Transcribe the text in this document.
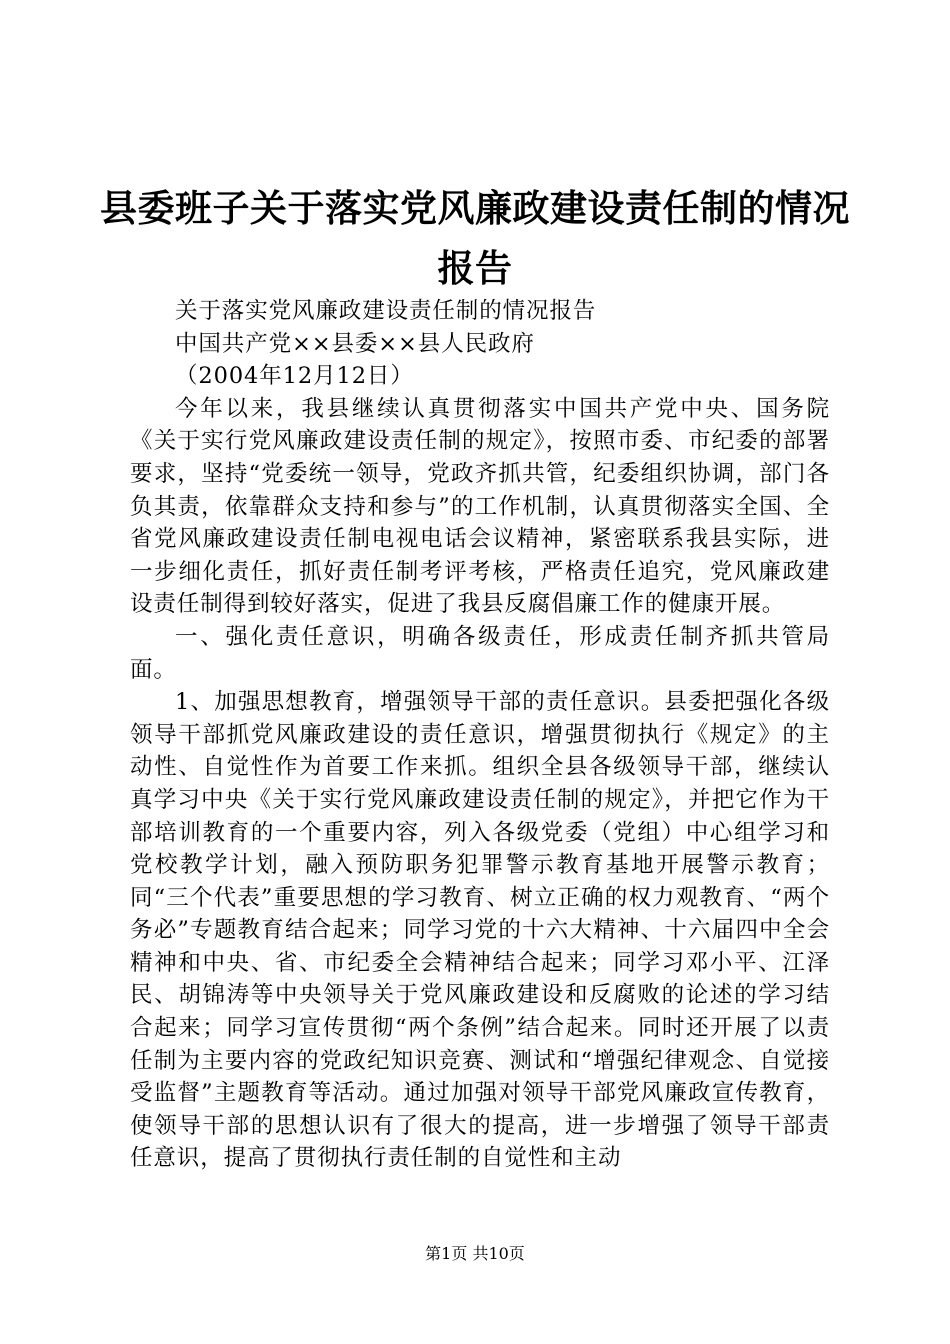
县委班子关于落实党风廉政建设责任制的情况
报告

关于落实党风廉政建设责任制的情况报告

中国共产党××县委××县人民政府

（2004年12月12日）

今年以来，我县继续认真贯彻落实中国共产党中央、国务院《关于实行党风廉政建设责任制的规定》，按照市委、市纪委的部署要求，坚持“党委统一领导，党政齐抓共管，纪委组织协调，部门各负其责，依靠群众支持和参与”的工作机制，认真贯彻落实全国、全省党风廉政建设责任制电视电话会议精神，紧密联系我县实际，进一步细化责任，抓好责任制考评考核，严格责任追究，党风廉政建设责任制得到较好落实，促进了我县反腐倡廉工作的健康开展。

一、强化责任意识，明确各级责任，形成责任制齐抓共管局面。

1、加强思想教育，增强领导干部的责任意识。县委把强化各级领导干部抓党风廉政建设的责任意识，增强贯彻执行《规定》的主动性、自觉性作为首要工作来抓。组织全县各级领导干部，继续认真学习中央《关于实行党风廉政建设责任制的规定》，并把它作为干部培训教育的一个重要内容，列入各级党委（党组）中心组学习和党校教学计划，融入预防职务犯罪警示教育基地开展警示教育；同“三个代表”重要思想的学习教育、树立正确的权力观教育、“两个务必”专题教育结合起来；同学习党的十六大精神、十六届四中全会精神和中央、省、市纪委全会精神结合起来；同学习邓小平、江泽民、胡锦涛等中央领导关于党风廉政建设和反腐败的论述的学习结合起来；同学习宣传贯彻“两个条例”结合起来。同时还开展了以责任制为主要内容的党政纪知识竞赛、测试和“增强纪律观念、自觉接受监督”主题教育等活动。通过加强对领导干部党风廉政宣传教育，使领导干部的思想认识有了很大的提高，进一步增强了领导干部责任意识，提高了贯彻执行责任制的自觉性和主动

第1页 共10页
